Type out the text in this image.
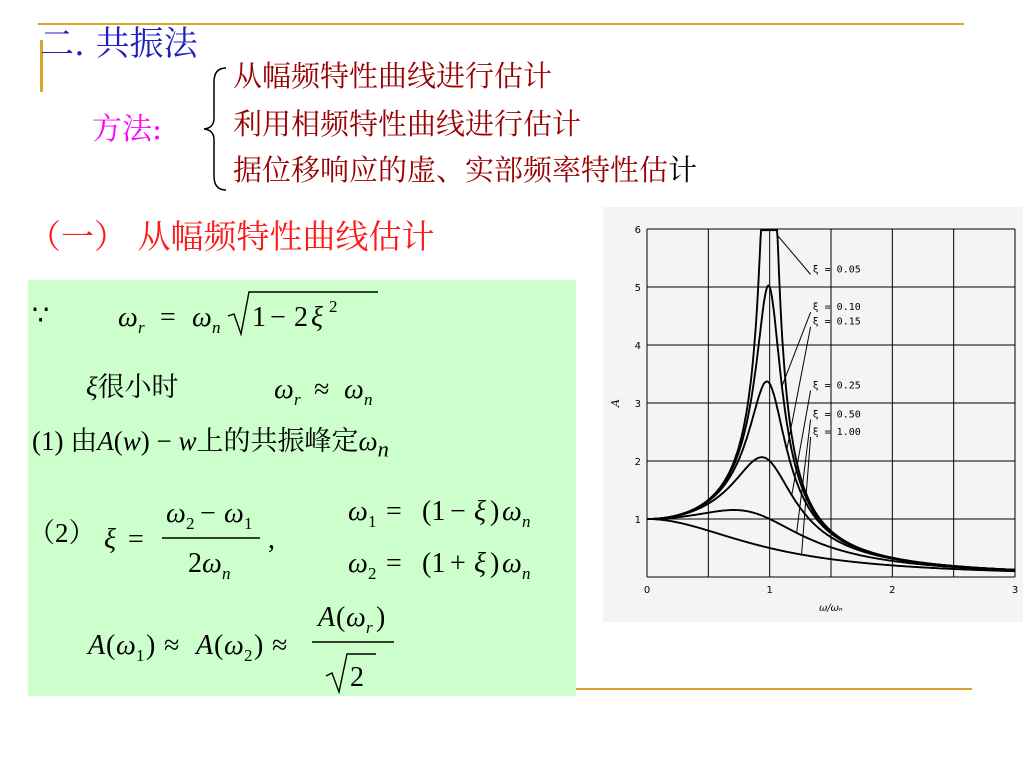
二. 共振法
方法:
从幅频特性曲线进行估计
利用相频特性曲线进行估计
据位移响应的虚、实部频率特性估计
（一） 从幅频特性曲线估计
∵ ω r = ω n 1 − 2 ξ 2
ξ很小时	ω r ≈ ω n
(1) 由A(w) − w上的共振峰定$\omega_n$
（2） ξ =
ω 2 − ω 1
2 ω n
,
ω 1 = (1 − ξ ) ω n
ω 2 = (1 + ξ ) ω n
A ( ω 1 ) ≈ A ( ω 2 ) ≈
A ( ω r )
2
ξ = 0.05
ξ = 0.10
ξ = 0.15
ξ = 0.25
ξ = 0.50
ξ = 1.00
1
2
3
4
5
6
0	1	2	3
ω/ωₙ
A
